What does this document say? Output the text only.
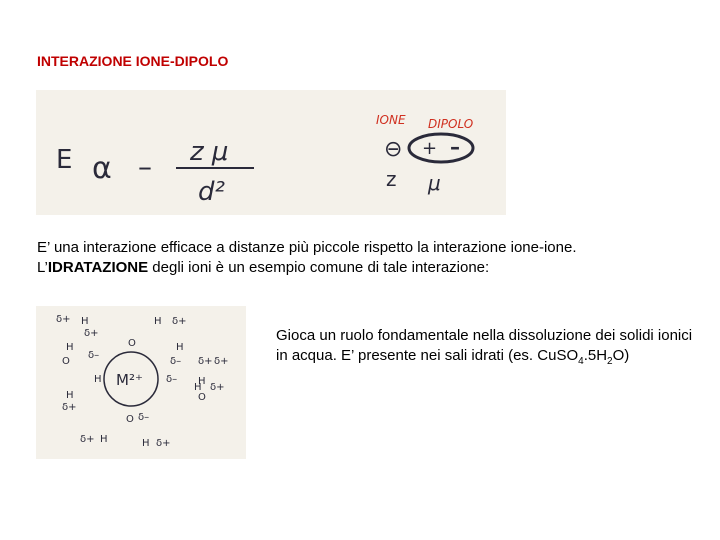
INTERAZIONE IONE-DIPOLO
E α – z μ
d²
IONE DIPOLO
⊖ + –
z μ
E’ una interazione efficace a distanze più piccole rispetto la interazione ione-ione.
L’IDRATAZIONE degli ioni è un esempio comune di tale interazione:
M²⁺
δ+ H	H δ+
δ+
H
δ–
O	H
δ–
O
H
δ+ δ+
H
δ–
O
H
δ+
O δ–
δ+ H	H δ+
H δ+
Gioca un ruolo fondamentale nella dissoluzione dei solidi ionici in acqua. E’ presente nei sali idrati (es. $CuSO_4.5H_2O$)
